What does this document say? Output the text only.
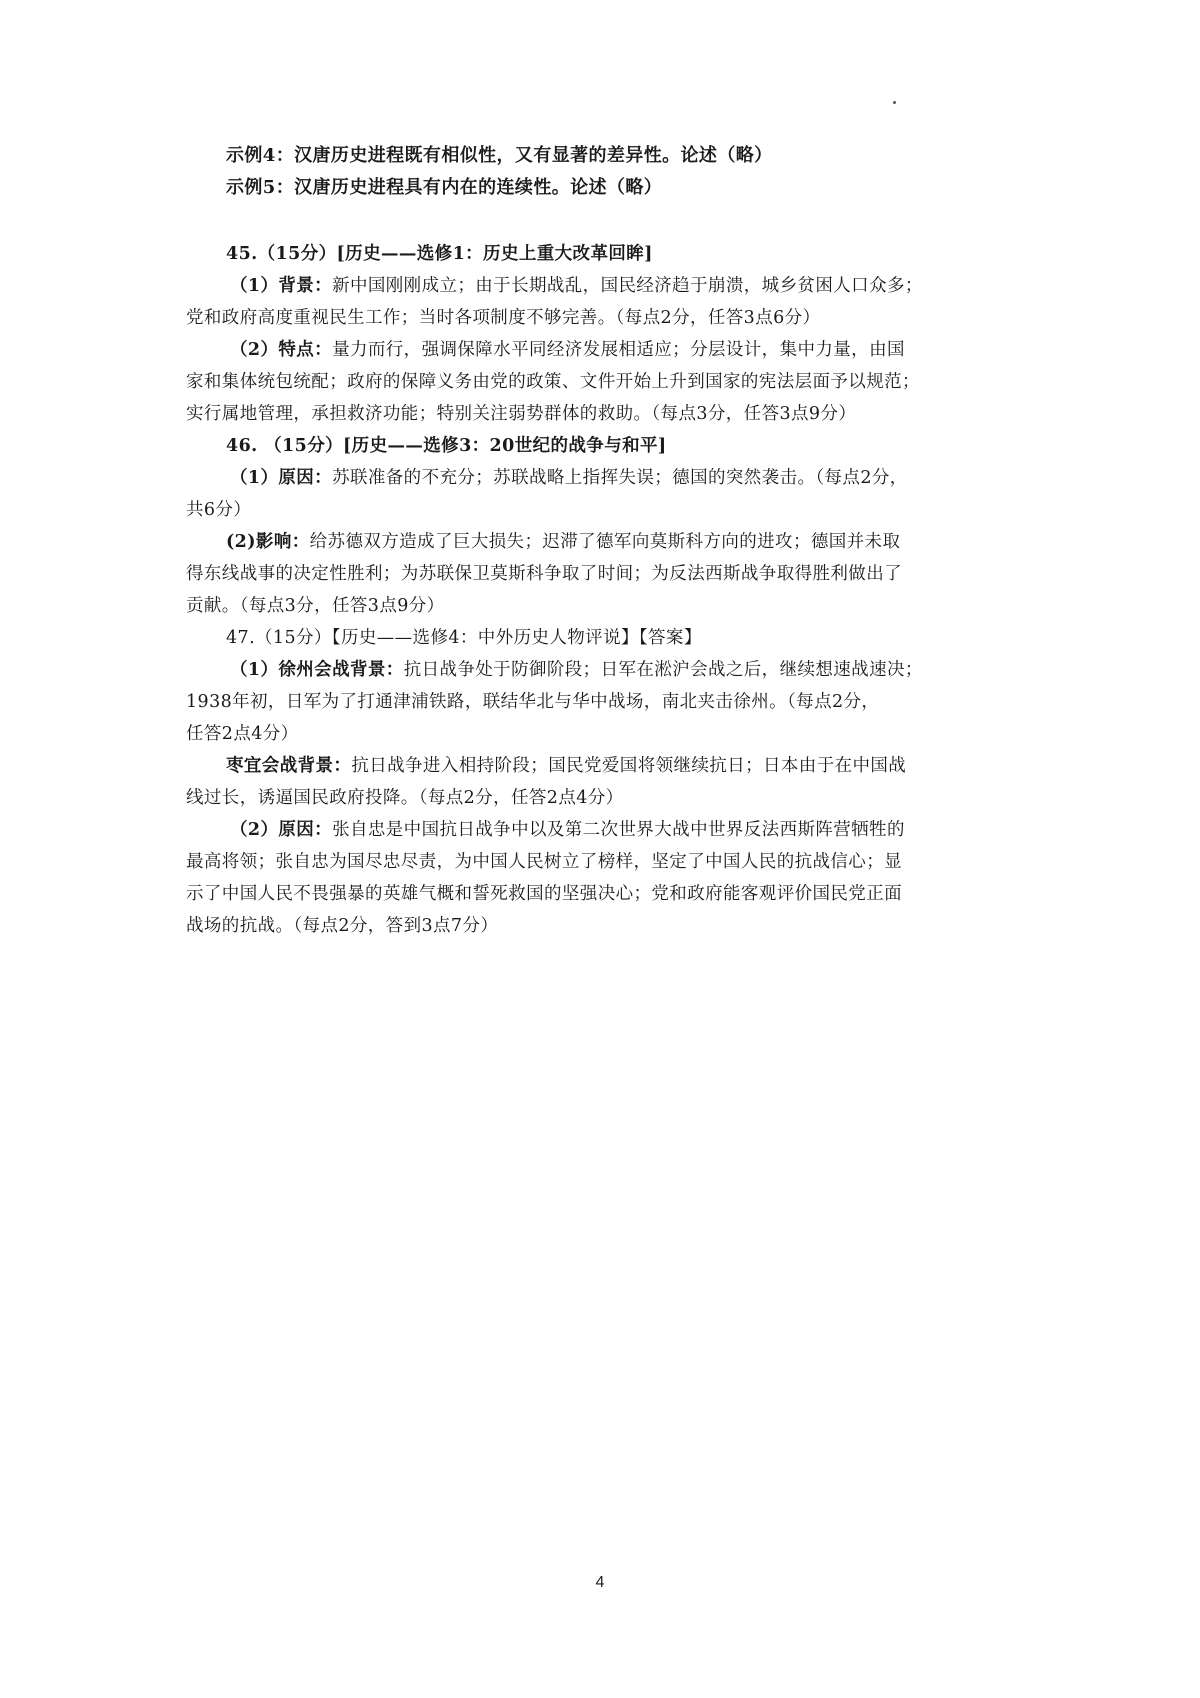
示例4：汉唐历史进程既有相似性，又有显著的差异性。论述（略）
示例5：汉唐历史进程具有内在的连续性。论述（略）
45.（15分）[历史——选修1：历史上重大改革回眸]
（1）背景：新中国刚刚成立；由于长期战乱，国民经济趋于崩溃，城乡贫困人口众多；
党和政府高度重视民生工作；当时各项制度不够完善。（每点2分，任答3点6分）
（2）特点：量力而行，强调保障水平同经济发展相适应；分层设计，集中力量，由国
家和集体统包统配；政府的保障义务由党的政策、文件开始上升到国家的宪法层面予以规范；
实行属地管理，承担救济功能；特别关注弱势群体的救助。（每点3分，任答3点9分）
46. （15分）[历史——选修3：20世纪的战争与和平]
（1）原因：苏联准备的不充分；苏联战略上指挥失误；德国的突然袭击。（每点2分，
共6分）
(2)影响：给苏德双方造成了巨大损失；迟滞了德军向莫斯科方向的进攻；德国并未取
得东线战事的决定性胜利；为苏联保卫莫斯科争取了时间；为反法西斯战争取得胜利做出了
贡献。（每点3分，任答3点9分）
47.（15分）【历史——选修4：中外历史人物评说】【答案】
（1）徐州会战背景：抗日战争处于防御阶段；日军在淞沪会战之后，继续想速战速决；
1938年初，日军为了打通津浦铁路，联结华北与华中战场，南北夹击徐州。（每点2分，
任答2点4分）
枣宜会战背景：抗日战争进入相持阶段；国民党爱国将领继续抗日；日本由于在中国战
线过长，诱逼国民政府投降。（每点2分，任答2点4分）
（2）原因：张自忠是中国抗日战争中以及第二次世界大战中世界反法西斯阵营牺牲的
最高将领；张自忠为国尽忠尽责，为中国人民树立了榜样，坚定了中国人民的抗战信心；显
示了中国人民不畏强暴的英雄气概和誓死救国的坚强决心；党和政府能客观评价国民党正面
战场的抗战。（每点2分，答到3点7分）
4
